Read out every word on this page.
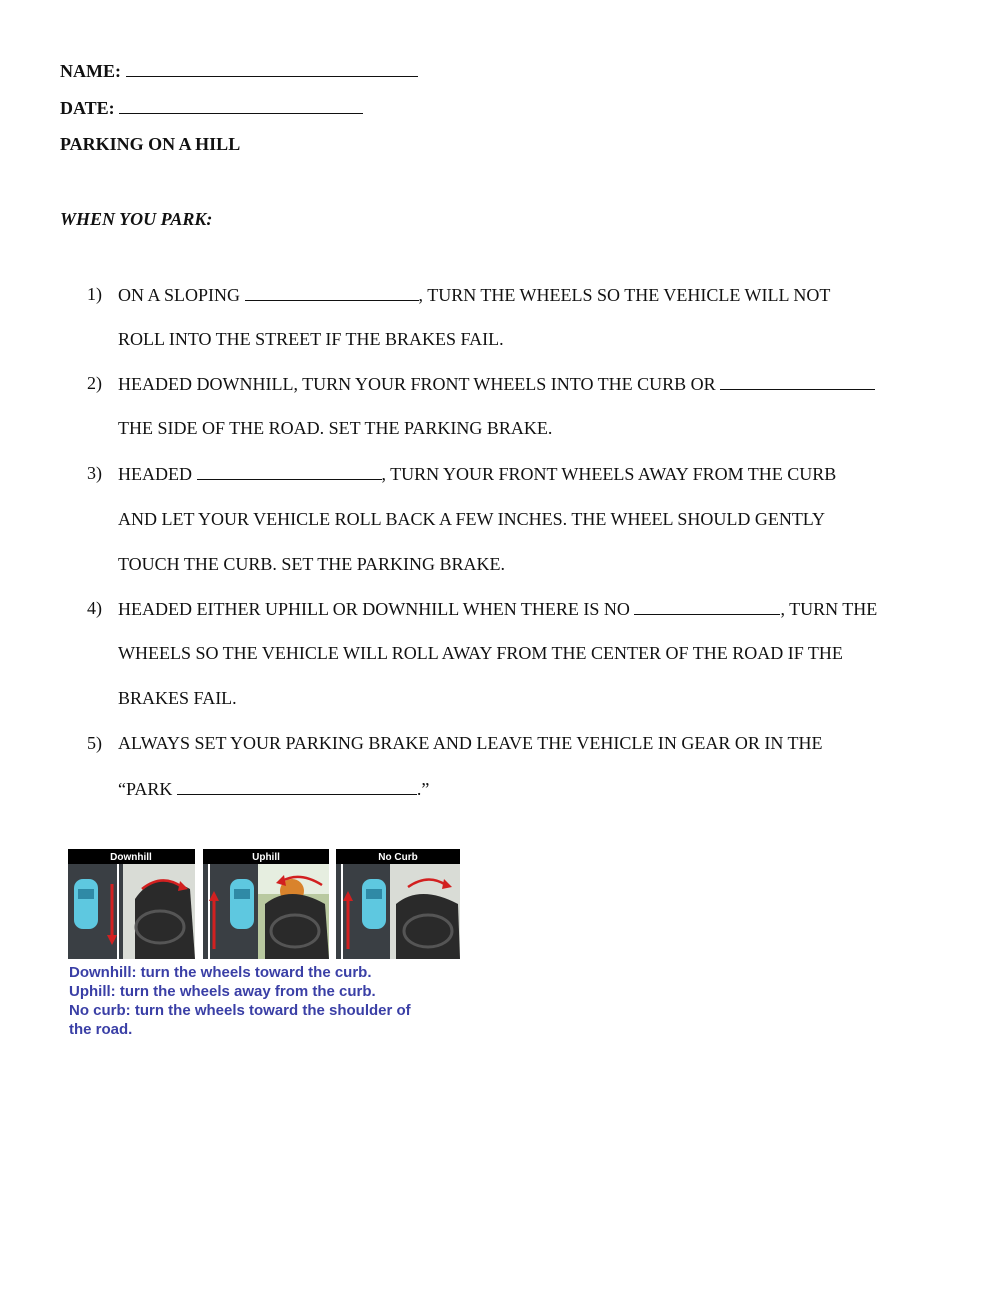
NAME:
DATE:
PARKING ON A HILL
WHEN YOU PARK:
1) ON A SLOPING	, TURN THE WHEELS SO THE VEHICLE WILL NOT
ROLL INTO THE STREET IF THE BRAKES FAIL.
2) HEADED DOWNHILL, TURN YOUR FRONT WHEELS INTO THE CURB OR
THE SIDE OF THE ROAD. SET THE PARKING BRAKE.
3) HEADED	, TURN YOUR FRONT WHEELS AWAY FROM THE CURB
AND LET YOUR VEHICLE ROLL BACK A FEW INCHES. THE WHEEL SHOULD GENTLY
TOUCH THE CURB. SET THE PARKING BRAKE.
4) HEADED EITHER UPHILL OR DOWNHILL WHEN THERE IS NO	, TURN THE
WHEELS SO THE VEHICLE WILL ROLL AWAY FROM THE CENTER OF THE ROAD IF THE
BRAKES FAIL.
5) ALWAYS SET YOUR PARKING BRAKE AND LEAVE THE VEHICLE IN GEAR OR IN THE
“PARK	.”
Downhill	Uphill	No Curb
Downhill: turn the wheels toward the curb.
Uphill: turn the wheels away from the curb.
No curb: turn the wheels toward the shoulder of
the road.
